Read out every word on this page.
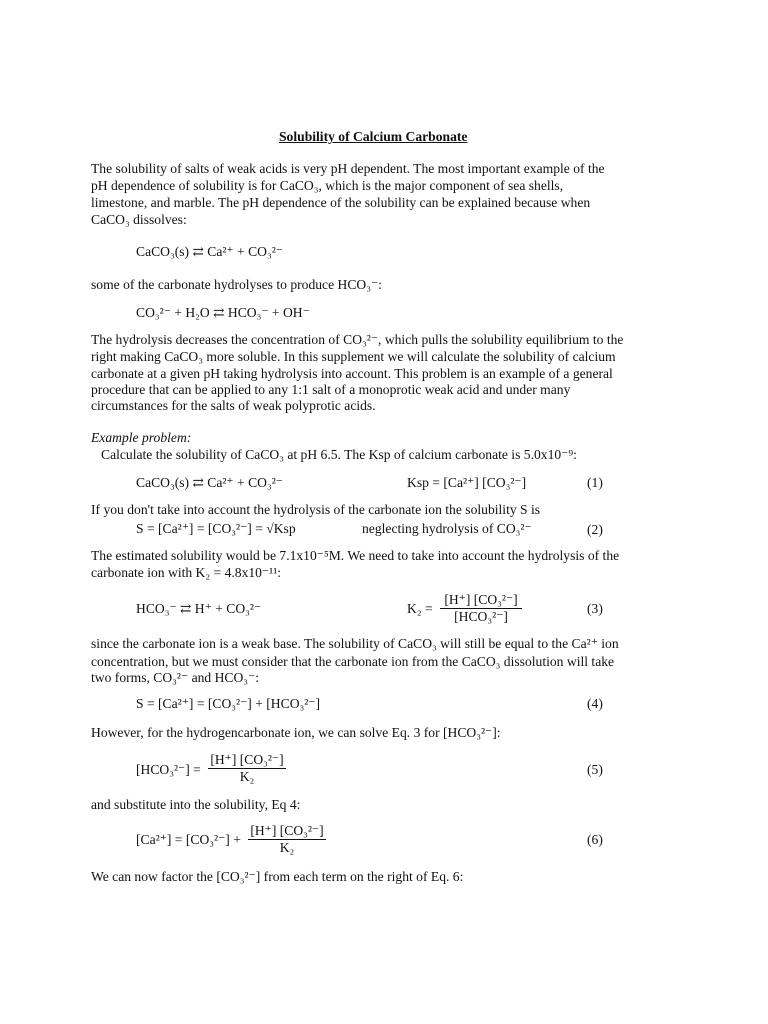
Solubility of Calcium Carbonate
The solubility of salts of weak acids is very pH dependent. The most important example of the
pH dependence of solubility is for CaCO₃, which is the major component of sea shells,
limestone, and marble. The pH dependence of the solubility can be explained because when
CaCO₃ dissolves:
CaCO₃(s) ⇄ Ca²⁺ + CO₃²⁻
some of the carbonate hydrolyses to produce HCO₃⁻:
CO₃²⁻ + H₂O ⇄ HCO₃⁻ + OH⁻
The hydrolysis decreases the concentration of CO₃²⁻, which pulls the solubility equilibrium to the
right making CaCO₃ more soluble. In this supplement we will calculate the solubility of calcium
carbonate at a given pH taking hydrolysis into account. This problem is an example of a general
procedure that can be applied to any 1:1 salt of a monoprotic weak acid and under many
circumstances for the salts of weak polyprotic acids.
Example problem:
Calculate the solubility of CaCO₃ at pH 6.5. The Ksp of calcium carbonate is 5.0x10⁻⁹:
CaCO₃(s) ⇄ Ca²⁺ + CO₃²⁻	Ksp = [Ca²⁺] [CO₃²⁻]	(1)
If you don't take into account the hydrolysis of the carbonate ion the solubility S is
S = [Ca²⁺] = [CO₃²⁻] = √Ksp	neglecting hydrolysis of CO₃²⁻	(2)
The estimated solubility would be 7.1x10⁻⁵M. We need to take into account the hydrolysis of the
carbonate ion with K₂ = 4.8x10⁻¹¹:
HCO₃⁻ ⇄ H⁺ + CO₃²⁻	K₂ =
[H⁺] [CO₃²⁻]
[HCO₃²⁻]
(3)
since the carbonate ion is a weak base. The solubility of CaCO₃ will still be equal to the Ca²⁺ ion
concentration, but we must consider that the carbonate ion from the CaCO₃ dissolution will take
two forms, CO₃²⁻ and HCO₃⁻:
S = [Ca²⁺] = [CO₃²⁻] + [HCO₃²⁻]	(4)
However, for the hydrogencarbonate ion, we can solve Eq. 3 for [HCO₃²⁻]:
$[HCO_3^{2-}] = \frac{\text{[H⁺] [CO₃²⁻]}}{\text{K₂}}$	(5)
and substitute into the solubility, Eq 4:
$[Ca^{2+}] = [CO_3^{2-}] + \frac{\text{[H⁺] [CO₃²⁻]}}{\text{K₂}}$	(6)
We can now factor the [CO₃²⁻] from each term on the right of Eq. 6:
